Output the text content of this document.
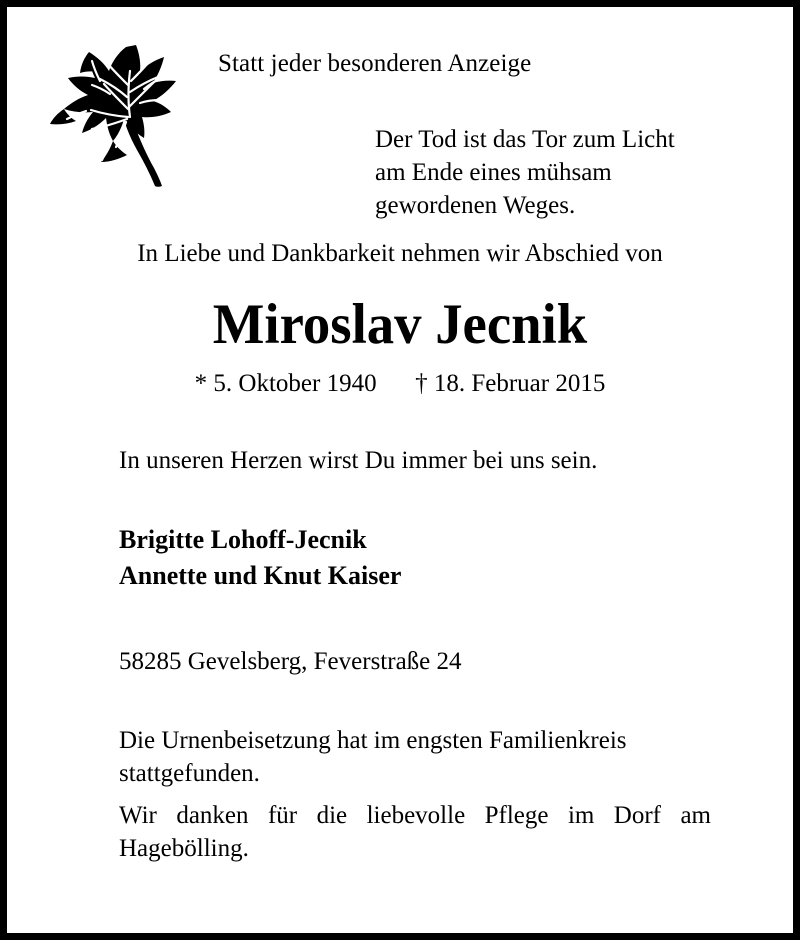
Statt jeder besonderen Anzeige
Der Tod ist das Tor zum Licht
am Ende eines mühsam
gewordenen Weges.
In Liebe und Dankbarkeit nehmen wir Abschied von
Miroslav Jecnik
* 5. Oktober 1940 † 18. Februar 2015
In unseren Herzen wirst Du immer bei uns sein.
Brigitte Lohoff-Jecnik
Annette und Knut Kaiser
58285 Gevelsberg, Feverstraße 24
Die Urnenbeisetzung hat im engsten Familienkreis stattgefunden.
Wir danken für die liebevolle Pflege im Dorf am Hagebölling.
